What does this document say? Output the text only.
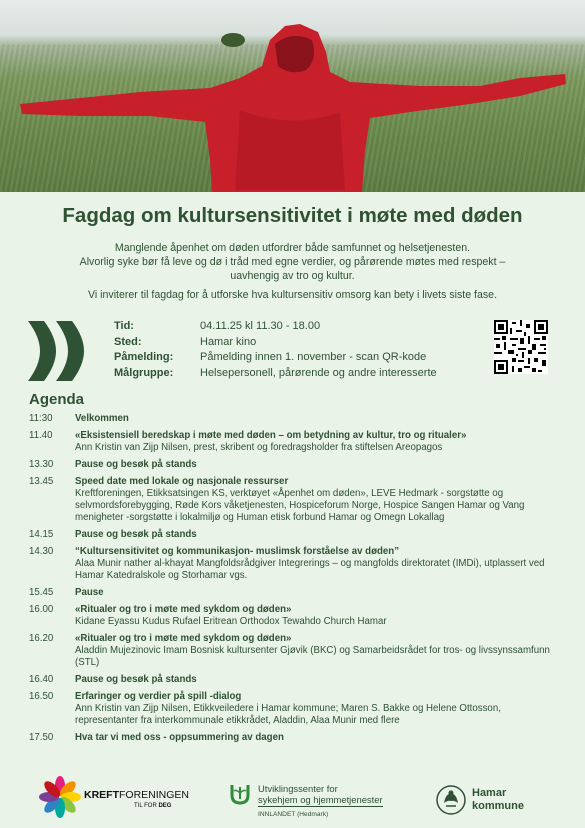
Fagdag om kultursensitivitet i møte med døden

Manglende åpenhet om døden utfordrer både samfunnet og helsetjenesten.

Alvorlig syke bør få leve og dø i tråd med egne verdier, og pårørende møtes med respekt –

uavhengig av tro og kultur.

Vi inviterer til fagdag for å utforske hva kultursensitiv omsorg kan bety i livets siste fase.

Tid:	04.11.25 kl 11.30 - 18.00
Sted:	Hamar kino
Påmelding:	Påmelding innen 1. november - scan QR-kode
Målgruppe:	Helsepersonell, pårørende og andre interesserte
Agenda
11:30	Velkommen
11.40	«Eksistensiell beredskap i møte med døden – om betydning av kultur, tro og ritualer»
Ann Kristin van Zijp Nilsen, prest, skribent og foredragsholder fra stiftelsen Areopagos
13.30	Pause og besøk på stands
13.45	Speed date med lokale og nasjonale ressurser
Kreftforeningen, Etikksatsingen KS, verktøyet «Åpenhet om døden», LEVE Hedmark - sorgstøtte og selvmordsforebygging, Røde Kors våketjenesten, Hospiceforum Norge, Hospice Sangen Hamar og Vang menigheter -sorgstøtte i lokalmiljø og Human etisk forbund Hamar og Omegn Lokallag
14.15	Pause og besøk på stands
14.30	“Kultursensitivitet og kommunikasjon- muslimsk forståelse av døden”
Alaa Munir nather al-khayat Mangfoldsrådgiver Integrerings – og mangfolds direktoratet (IMDi), utplassert ved Hamar Katedralskole og Storhamar vgs.
15.45	Pause
16.00	«Ritualer og tro i møte med sykdom og døden»
Kidane Eyassu Kudus Rufael Eritrean Orthodox Tewahdo Church Hamar
16.20	«Ritualer og tro i møte med sykdom og døden»
Aladdin Mujezinovic Imam Bosnisk kultursenter Gjøvik (BKC) og Samarbeidsrådet for tros- og livssynssamfunn (STL)
16.40	Pause og besøk på stands
16.50	Erfaringer og verdier på spill -dialog
Ann Kristin van Zijp Nilsen, Etikkveiledere i Hamar kommune; Maren S. Bakke og Helene Ottosson, representanter fra interkommunale etikkrådet, Aladdin, Alaa Munir med flere
17.50	Hva tar vi med oss - oppsummering av dagen
KREFTFORENINGEN
TIL FOR DEG
Utviklingssenter for
sykehjem og hjemmetjenester
INNLANDET (Hedmark)
Hamar
kommune
